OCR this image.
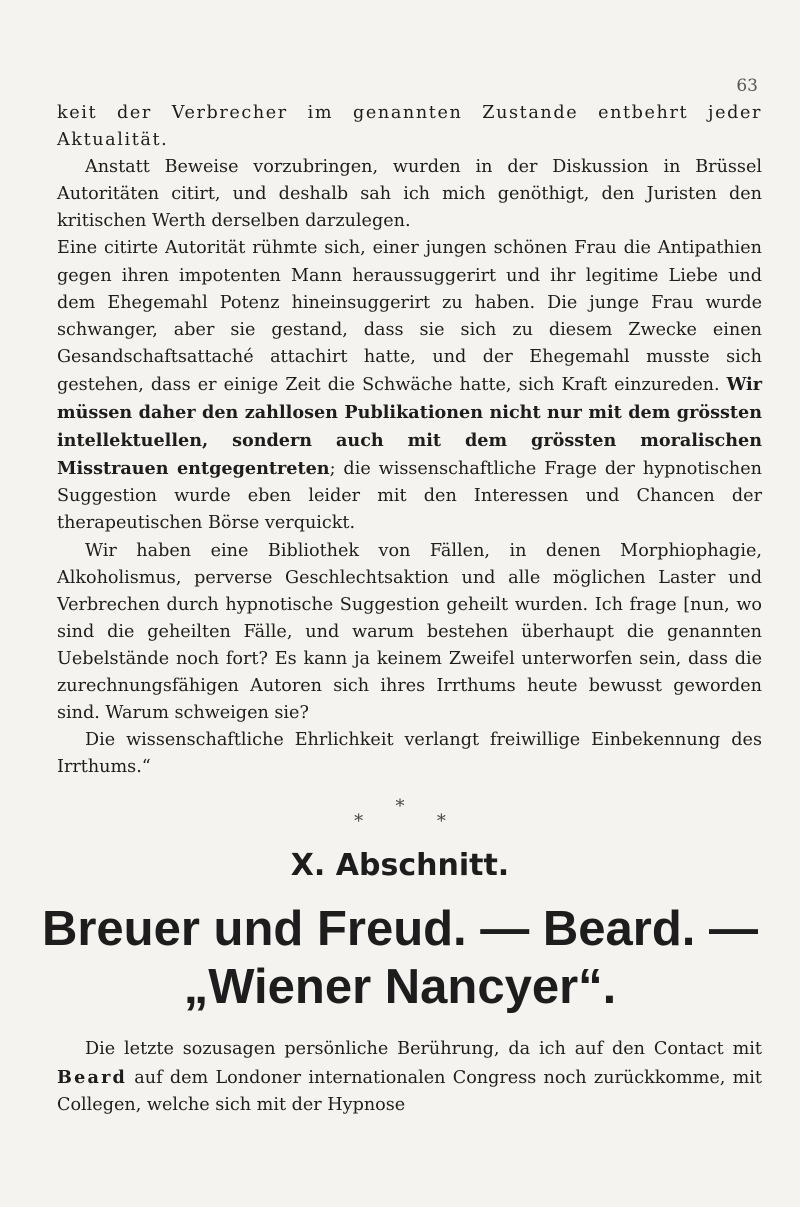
63

keit der Verbrecher im genannten Zustande entbehrt jeder Aktualität.

Anstatt Beweise vorzubringen, wurden in der Diskussion in Brüssel Autoritäten citirt, und deshalb sah ich mich genöthigt, den Juristen den kritischen Werth derselben darzulegen.

Eine citirte Autorität rühmte sich, einer jungen schönen Frau die Antipathien gegen ihren impotenten Mann heraussuggerirt und ihr legitime Liebe und dem Ehegemahl Potenz hineinsuggerirt zu haben. Die junge Frau wurde schwanger, aber sie gestand, dass sie sich zu diesem Zwecke einen Gesandschaftsattaché attachirt hatte, und der Ehegemahl musste sich gestehen, dass er einige Zeit die Schwäche hatte, sich Kraft einzureden. Wir müssen daher den zahllosen Publikationen nicht nur mit dem grössten intellektuellen, sondern auch mit dem grössten moralischen Misstrauen entgegentreten; die wissenschaftliche Frage der hypnotischen Suggestion wurde eben leider mit den Interessen und Chancen der therapeutischen Börse verquickt.

Wir haben eine Bibliothek von Fällen, in denen Morphiophagie, Alkoholismus, perverse Geschlechtsaktion und alle möglichen Laster und Verbrechen durch hypnotische Suggestion geheilt wurden. Ich frage [nun, wo sind die geheilten Fälle, und warum bestehen überhaupt die genannten Uebelstände noch fort? Es kann ja keinem Zweifel unterworfen sein, dass die zurechnungsfähigen Autoren sich ihres Irrthums heute bewusst geworden sind. Warum schweigen sie?

Die wissenschaftliche Ehrlichkeit verlangt freiwillige Einbekennung des Irrthums.“

*
* *
X. Abschnitt.
Breuer und Freud. — Beard. —
„Wiener Nancyer“.

Die letzte sozusagen persönliche Berührung, da ich auf den Contact mit Beard auf dem Londoner internationalen Congress noch zurückkomme, mit Collegen, welche sich mit der Hypnose
